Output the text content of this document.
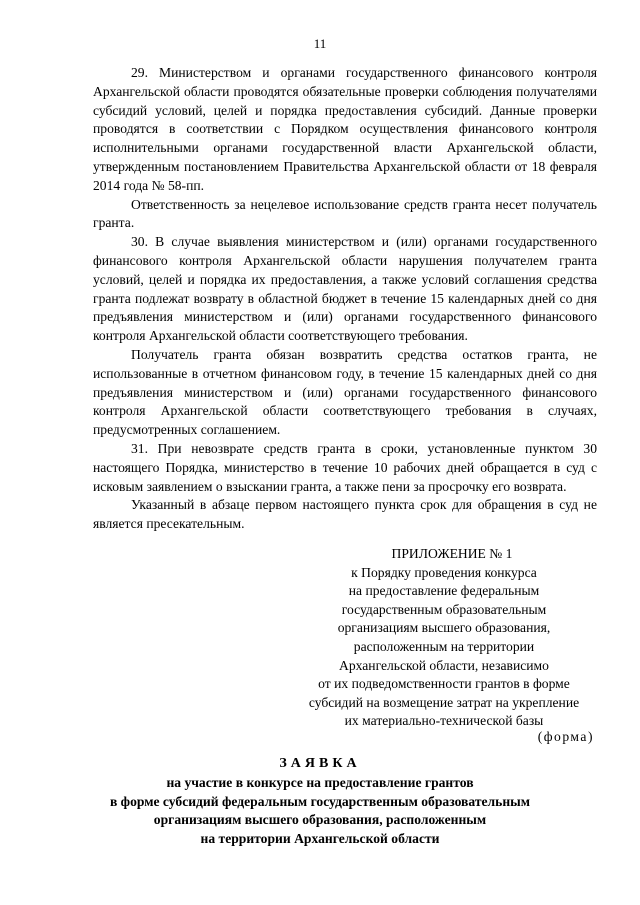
11

29. Министерством и органами государственного финансового контроля Архангельской области проводятся обязательные проверки соблюдения получателями субсидий условий, целей и порядка предоставления субсидий. Данные проверки проводятся в соответствии с Порядком осуществления финансового контроля исполнительными органами государственной власти Архангельской области, утвержденным постановлением Правительства Архангельской области от 18 февраля 2014 года № 58-пп.

Ответственность за нецелевое использование средств гранта несет получатель гранта.

30. В случае выявления министерством и (или) органами государственного финансового контроля Архангельской области нарушения получателем гранта условий, целей и порядка их предоставления, а также условий соглашения средства гранта подлежат возврату в областной бюджет в течение 15 календарных дней со дня предъявления министерством и (или) органами государственного финансового контроля Архангельской области соответствующего требования.

Получатель гранта обязан возвратить средства остатков гранта, не использованные в отчетном финансовом году, в течение 15 календарных дней со дня предъявления министерством и (или) органами государственного финансового контроля Архангельской области соответствующего требования в случаях, предусмотренных соглашением.

31. При невозврате средств гранта в сроки, установленные пунктом 30 настоящего Порядка, министерство в течение 10 рабочих дней обращается в суд с исковым заявлением о взыскании гранта, а также пени за просрочку его возврата.

Указанный в абзаце первом настоящего пункта срок для обращения в суд не является пресекательным.

ПРИЛОЖЕНИЕ № 1
к Порядку проведения конкурса
на предоставление федеральным
государственным образовательным
организациям высшего образования,
расположенным на территории
Архангельской области, независимо
от их подведомственности грантов в форме
субсидий на возмещение затрат на укрепление
их материально-технической базы
(форма)
ЗАЯВКА
на участие в конкурсе на предоставление грантов
в форме субсидий федеральным государственным образовательным
организациям высшего образования, расположенным
на территории Архангельской области
